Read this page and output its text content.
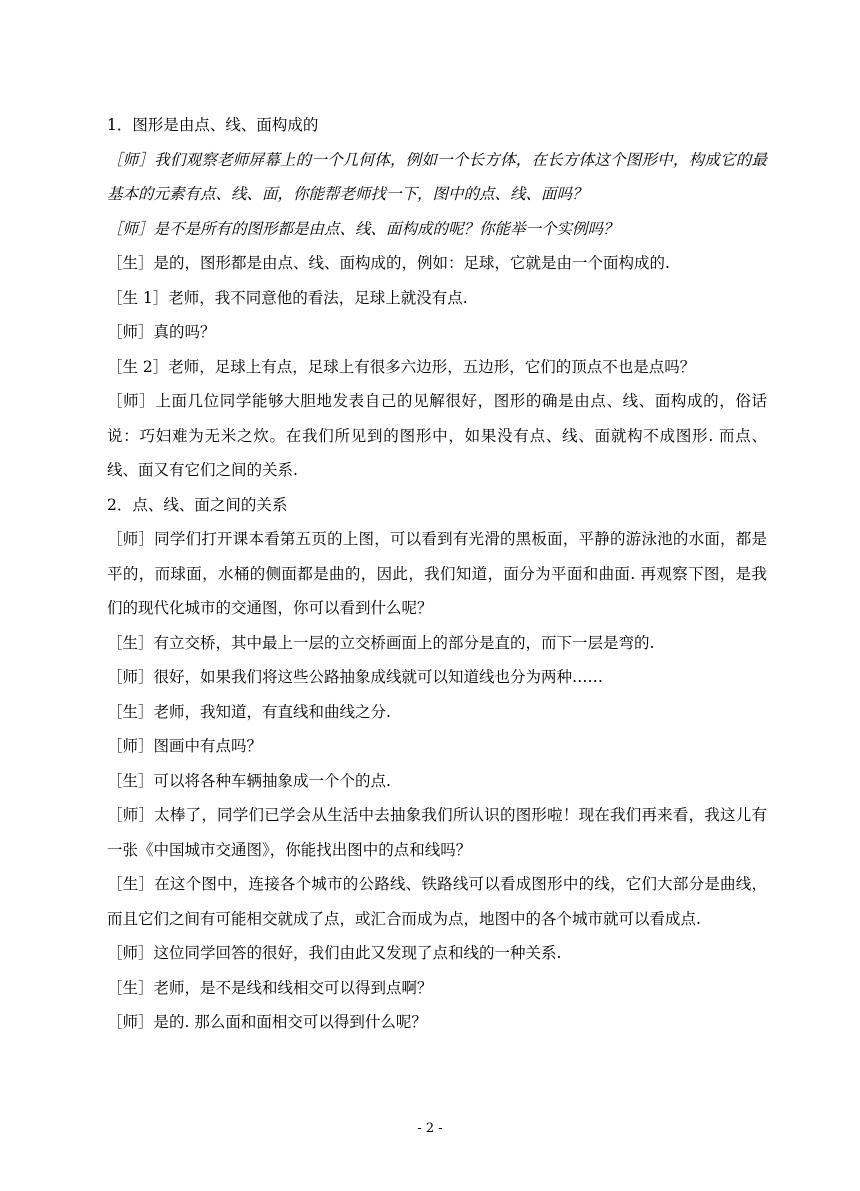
1．图形是由点、线、面构成的

［师］我们观察老师屏幕上的一个几何体，例如一个长方体，在长方体这个图形中，构成它的最基本的元素有点、线、面，你能帮老师找一下，图中的点、线、面吗？

［师］是不是所有的图形都是由点、线、面构成的呢？你能举一个实例吗？

［生］是的，图形都是由点、线、面构成的，例如：足球，它就是由一个面构成的.

［生 1］老师，我不同意他的看法，足球上就没有点.

［师］真的吗？

［生 2］老师，足球上有点，足球上有很多六边形，五边形，它们的顶点不也是点吗？

［师］上面几位同学能够大胆地发表自己的见解很好，图形的确是由点、线、面构成的，俗话说：巧妇难为无米之炊。在我们所见到的图形中，如果没有点、线、面就构不成图形. 而点、线、面又有它们之间的关系.

2．点、线、面之间的关系

［师］同学们打开课本看第五页的上图，可以看到有光滑的黑板面，平静的游泳池的水面，都是平的，而球面，水桶的侧面都是曲的，因此，我们知道，面分为平面和曲面. 再观察下图，是我们的现代化城市的交通图，你可以看到什么呢？

［生］有立交桥，其中最上一层的立交桥画面上的部分是直的，而下一层是弯的.

［师］很好，如果我们将这些公路抽象成线就可以知道线也分为两种……

［生］老师，我知道，有直线和曲线之分.

［师］图画中有点吗？

［生］可以将各种车辆抽象成一个个的点.

［师］太棒了，同学们已学会从生活中去抽象我们所认识的图形啦！现在我们再来看，我这儿有一张《中国城市交通图》，你能找出图中的点和线吗？

［生］在这个图中，连接各个城市的公路线、铁路线可以看成图形中的线，它们大部分是曲线，而且它们之间有可能相交就成了点，或汇合而成为点，地图中的各个城市就可以看成点.

［师］这位同学回答的很好，我们由此又发现了点和线的一种关系.

［生］老师，是不是线和线相交可以得到点啊？

［师］是的. 那么面和面相交可以得到什么呢？

- 2 -
